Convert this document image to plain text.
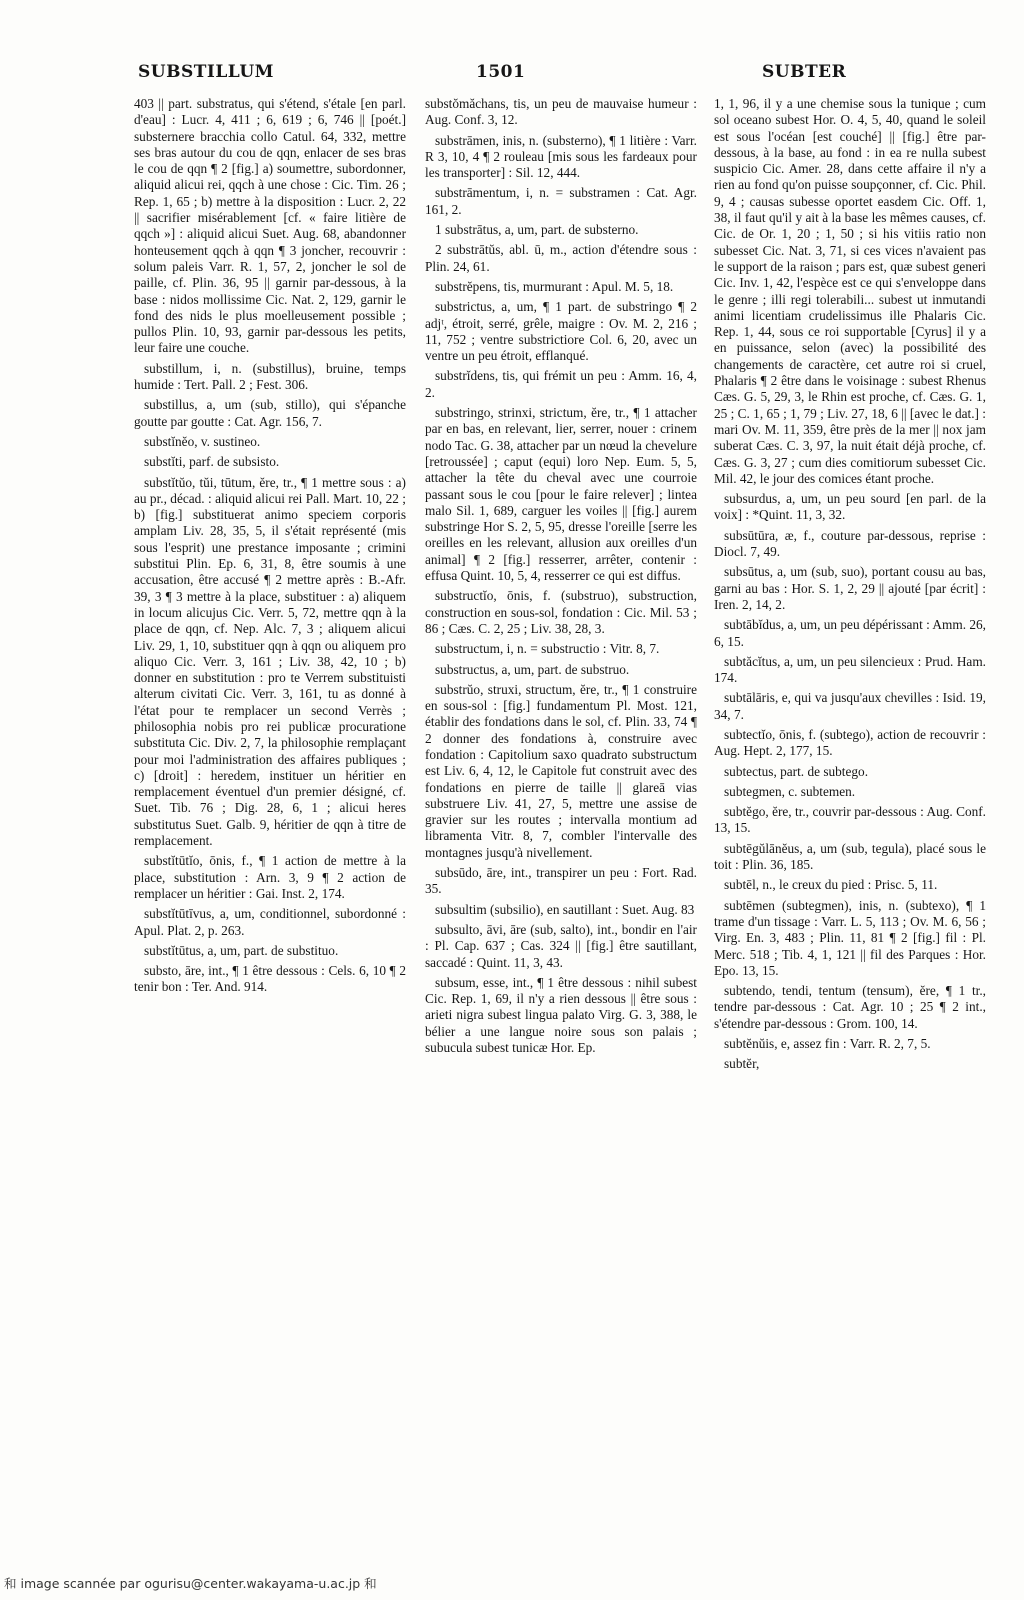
SUBSTILLUM	1501	SUBTER

403 || part. substratus, qui s'étend, s'étale [en parl. d'eau] : Lucr. 4, 411 ; 6, 619 ; 6, 746 || [poét.] substernere bracchia collo Catul. 64, 332, mettre ses bras autour du cou de qqn, enlacer de ses bras le cou de qqn ¶ 2 [fig.] a) soumettre, subordonner, aliquid alicui rei, qqch à une chose : Cic. Tim. 26 ; Rep. 1, 65 ; b) mettre à la disposition : Lucr. 2, 22 || sacrifier misérablement [cf. « faire litière de qqch »] : aliquid alicui Suet. Aug. 68, abandonner honteusement qqch à qqn ¶ 3 joncher, recouvrir : solum paleis Varr. R. 1, 57, 2, joncher le sol de paille, cf. Plin. 36, 95 || garnir par-dessous, à la base : nidos mollissime Cic. Nat. 2, 129, garnir le fond des nids le plus moelleusement possible ; pullos Plin. 10, 93, garnir par-dessous les petits, leur faire une couche.

substillum, i, n. (substillus), bruine, temps humide : Tert. Pall. 2 ; Fest. 306.

substillus, a, um (sub, stillo), qui s'épanche goutte par goutte : Cat. Agr. 156, 7.

substĭnĕo, v. sustineo.

substĭti, parf. de subsisto.

substĭtŭo, tŭi, tūtum, ĕre, tr., ¶ 1 mettre sous : a) au pr., décad. : aliquid alicui rei Pall. Mart. 10, 22 ; b) [fig.] substituerat animo speciem corporis amplam Liv. 28, 35, 5, il s'était représenté (mis sous l'esprit) une prestance imposante ; crimini substitui Plin. Ep. 6, 31, 8, être soumis à une accusation, être accusé ¶ 2 mettre après : B.-Afr. 39, 3 ¶ 3 mettre à la place, substituer : a) aliquem in locum alicujus Cic. Verr. 5, 72, mettre qqn à la place de qqn, cf. Nep. Alc. 7, 3 ; aliquem alicui Liv. 29, 1, 10, substituer qqn à qqn ou aliquem pro aliquo Cic. Verr. 3, 161 ; Liv. 38, 42, 10 ; b) donner en substitution : pro te Verrem substituisti alterum civitati Cic. Verr. 3, 161, tu as donné à l'état pour te remplacer un second Verrès ; philosophia nobis pro rei publicæ procuratione substituta Cic. Div. 2, 7, la philosophie remplaçant pour moi l'administration des affaires publiques ; c) [droit] : heredem, instituer un héritier en remplacement éventuel d'un premier désigné, cf. Suet. Tib. 76 ; Dig. 28, 6, 1 ; alicui heres substitutus Suet. Galb. 9, héritier de qqn à titre de remplacement.

substĭtūtĭo, ōnis, f., ¶ 1 action de mettre à la place, substitution : Arn. 3, 9 ¶ 2 action de remplacer un héritier : Gai. Inst. 2, 174.

substĭtūtīvus, a, um, conditionnel, subordonné : Apul. Plat. 2, p. 263.

substĭtūtus, a, um, part. de substituo.

substo, āre, int., ¶ 1 être dessous : Cels. 6, 10 ¶ 2 tenir bon : Ter. And. 914.

substŏmăchans, tis, un peu de mauvaise humeur : Aug. Conf. 3, 12.

substrāmen, inis, n. (substerno), ¶ 1 litière : Varr. R 3, 10, 4 ¶ 2 rouleau [mis sous les fardeaux pour les transporter] : Sil. 12, 444.

substrāmentum, i, n. = substramen : Cat. Agr. 161, 2.

1 substrātus, a, um, part. de substerno.

2 substrātŭs, abl. ū, m., action d'étendre sous : Plin. 24, 61.

substrĕpens, tis, murmurant : Apul. M. 5, 18.

substrictus, a, um, ¶ 1 part. de substringo ¶ 2 adjᵗ, étroit, serré, grêle, maigre : Ov. M. 2, 216 ; 11, 752 ; ventre substrictiore Col. 6, 20, avec un ventre un peu étroit, efflanqué.

substrĭdens, tis, qui frémit un peu : Amm. 16, 4, 2.

substringo, strinxi, strictum, ĕre, tr., ¶ 1 attacher par en bas, en relevant, lier, serrer, nouer : crinem nodo Tac. G. 38, attacher par un nœud la chevelure [retroussée] ; caput (equi) loro Nep. Eum. 5, 5, attacher la tête du cheval avec une courroie passant sous le cou [pour le faire relever] ; lintea malo Sil. 1, 689, carguer les voiles || [fig.] aurem substringe Hor S. 2, 5, 95, dresse l'oreille [serre les oreilles en les relevant, allusion aux oreilles d'un animal] ¶ 2 [fig.] resserrer, arrêter, contenir : effusa Quint. 10, 5, 4, resserrer ce qui est diffus.

substructĭo, ōnis, f. (substruo), substruction, construction en sous-sol, fondation : Cic. Mil. 53 ; 86 ; Cæs. C. 2, 25 ; Liv. 38, 28, 3.

substructum, i, n. = substructio : Vitr. 8, 7.

substructus, a, um, part. de substruo.

substrŭo, struxi, structum, ĕre, tr., ¶ 1 construire en sous-sol : [fig.] fundamentum Pl. Most. 121, établir des fondations dans le sol, cf. Plin. 33, 74 ¶ 2 donner des fondations à, construire avec fondation : Capitolium saxo quadrato substructum est Liv. 6, 4, 12, le Capitole fut construit avec des fondations en pierre de taille || glareā vias substruere Liv. 41, 27, 5, mettre une assise de gravier sur les routes ; intervalla montium ad libramenta Vitr. 8, 7, combler l'intervalle des montagnes jusqu'à nivellement.

subsūdo, āre, int., transpirer un peu : Fort. Rad. 35.

subsultim (subsilio), en sautillant : Suet. Aug. 83

subsulto, āvi, āre (sub, salto), int., bondir en l'air : Pl. Cap. 637 ; Cas. 324 || [fig.] être sautillant, saccadé : Quint. 11, 3, 43.

subsum, esse, int., ¶ 1 être dessous : nihil subest Cic. Rep. 1, 69, il n'y a rien dessous || être sous : arieti nigra subest lingua palato Virg. G. 3, 388, le bélier a une langue noire sous son palais ; subucula subest tunicæ Hor. Ep.

1, 1, 96, il y a une chemise sous la tunique ; cum sol oceano subest Hor. O. 4, 5, 40, quand le soleil est sous l'océan [est couché] || [fig.] être par-dessous, à la base, au fond : in ea re nulla subest suspicio Cic. Amer. 28, dans cette affaire il n'y a rien au fond qu'on puisse soupçonner, cf. Cic. Phil. 9, 4 ; causas subesse oportet easdem Cic. Off. 1, 38, il faut qu'il y ait à la base les mêmes causes, cf. Cic. de Or. 1, 20 ; 1, 50 ; si his vitiis ratio non subesset Cic. Nat. 3, 71, si ces vices n'avaient pas le support de la raison ; pars est, quæ subest generi Cic. Inv. 1, 42, l'espèce est ce qui s'enveloppe dans le genre ; illi regi tolerabili... subest ut inmutandi animi licentiam crudelissimus ille Phalaris Cic. Rep. 1, 44, sous ce roi supportable [Cyrus] il y a en puissance, selon (avec) la possibilité des changements de caractère, cet autre roi si cruel, Phalaris ¶ 2 être dans le voisinage : subest Rhenus Cæs. G. 5, 29, 3, le Rhin est proche, cf. Cæs. G. 1, 25 ; C. 1, 65 ; 1, 79 ; Liv. 27, 18, 6 || [avec le dat.] : mari Ov. M. 11, 359, être près de la mer || nox jam suberat Cæs. C. 3, 97, la nuit était déjà proche, cf. Cæs. G. 3, 27 ; cum dies comitiorum subesset Cic. Mil. 42, le jour des comices étant proche.

subsurdus, a, um, un peu sourd [en parl. de la voix] : *Quint. 11, 3, 32.

subsūtūra, æ, f., couture par-dessous, reprise : Diocl. 7, 49.

subsūtus, a, um (sub, suo), portant cousu au bas, garni au bas : Hor. S. 1, 2, 29 || ajouté [par écrit] : Iren. 2, 14, 2.

subtābĭdus, a, um, un peu dépérissant : Amm. 26, 6, 15.

subtăcĭtus, a, um, un peu silencieux : Prud. Ham. 174.

subtālāris, e, qui va jusqu'aux chevilles : Isid. 19, 34, 7.

subtectĭo, ōnis, f. (subtego), action de recouvrir : Aug. Hept. 2, 177, 15.

subtectus, part. de subtego.

subtegmen, c. subtemen.

subtĕgo, ĕre, tr., couvrir par-dessous : Aug. Conf. 13, 15.

subtēgŭlānĕus, a, um (sub, tegula), placé sous le toit : Plin. 36, 185.

subtēl, n., le creux du pied : Prisc. 5, 11.

subtēmen (subtegmen), inis, n. (subtexo), ¶ 1 trame d'un tissage : Varr. L. 5, 113 ; Ov. M. 6, 56 ; Virg. En. 3, 483 ; Plin. 11, 81 ¶ 2 [fig.] fil : Pl. Merc. 518 ; Tib. 4, 1, 121 || fil des Parques : Hor. Epo. 13, 15.

subtendo, tendi, tentum (tensum), ĕre, ¶ 1 tr., tendre par-dessous : Cat. Agr. 10 ; 25 ¶ 2 int., s'étendre par-dessous : Grom. 100, 14.

subtĕnŭis, e, assez fin : Varr. R. 2, 7, 5.

subtĕr,

和 image scannée par ogurisu@center.wakayama-u.ac.jp 和
